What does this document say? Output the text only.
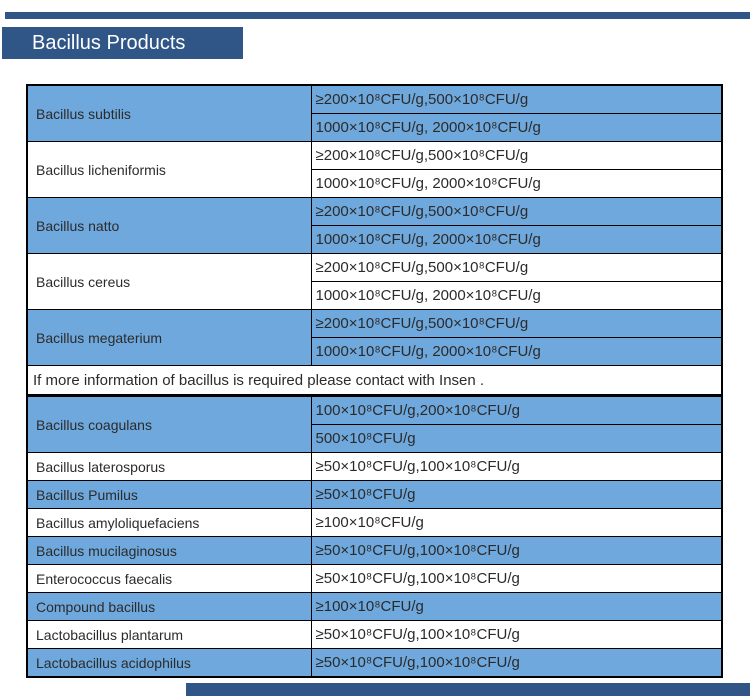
Bacillus Products
Bacillus subtilis	≥200×10⁸CFU/g,500×10⁸CFU/g
	1000×10⁸CFU/g, 2000×10⁸CFU/g
Bacillus licheniformis	≥200×10⁸CFU/g,500×10⁸CFU/g
	1000×10⁸CFU/g, 2000×10⁸CFU/g
Bacillus natto	≥200×10⁸CFU/g,500×10⁸CFU/g
	1000×10⁸CFU/g, 2000×10⁸CFU/g
Bacillus cereus	≥200×10⁸CFU/g,500×10⁸CFU/g
	1000×10⁸CFU/g, 2000×10⁸CFU/g
Bacillus megaterium	≥200×10⁸CFU/g,500×10⁸CFU/g
	1000×10⁸CFU/g, 2000×10⁸CFU/g
If more information of bacillus is required please contact with Insen .	
Bacillus coagulans	100×10⁸CFU/g,200×10⁸CFU/g
	500×10⁸CFU/g
Bacillus laterosporus	≥50×10⁸CFU/g,100×10⁸CFU/g
Bacillus Pumilus	≥50×10⁸CFU/g
Bacillus amyloliquefaciens	≥100×10⁸CFU/g
Bacillus mucilaginosus	≥50×10⁸CFU/g,100×10⁸CFU/g
Enterococcus faecalis	≥50×10⁸CFU/g,100×10⁸CFU/g
Compound bacillus	≥100×10⁸CFU/g
Lactobacillus plantarum	≥50×10⁸CFU/g,100×10⁸CFU/g
Lactobacillus acidophilus	≥50×10⁸CFU/g,100×10⁸CFU/g
